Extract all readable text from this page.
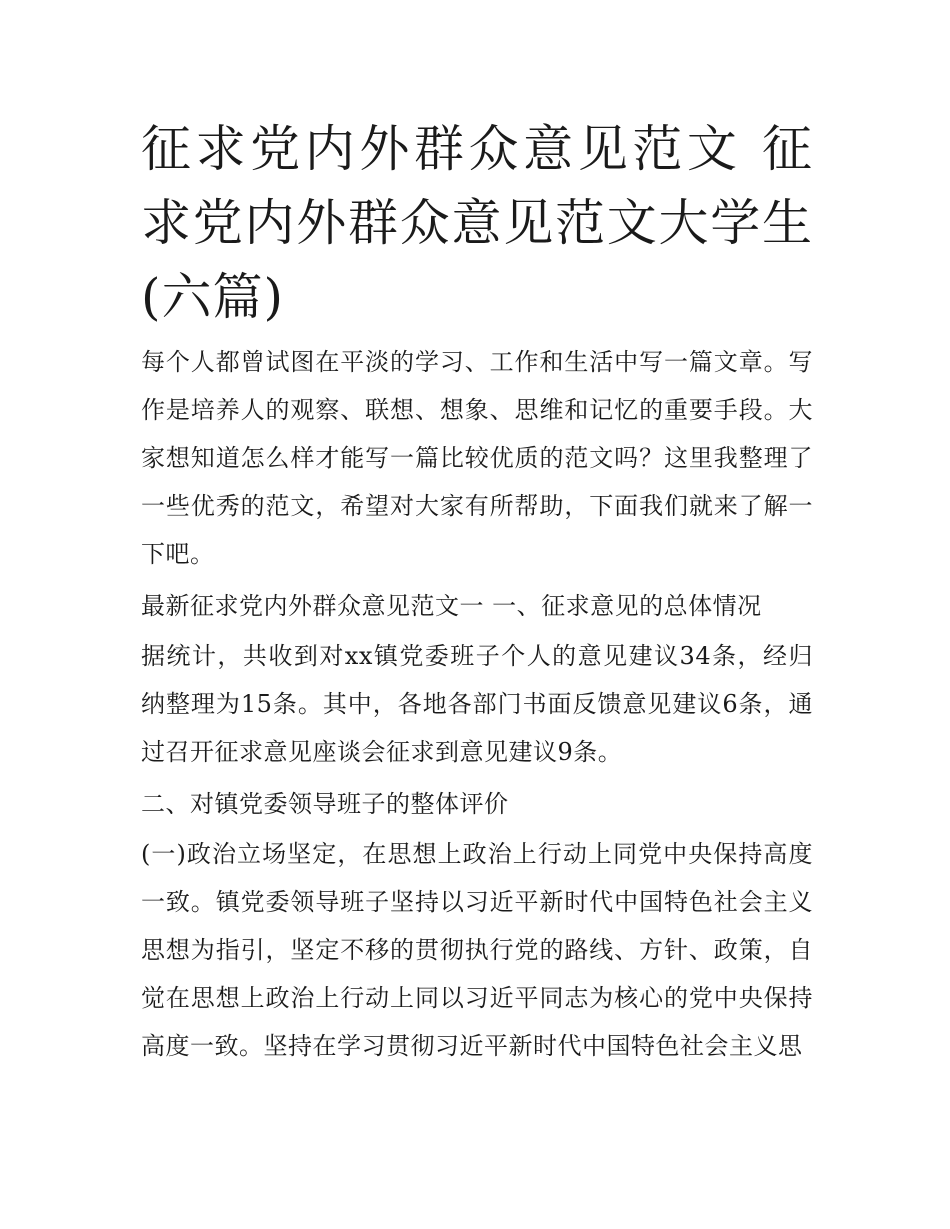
征求党内外群众意见范文 征求党内外群众意见范文大学生(六篇)

每个人都曾试图在平淡的学习、工作和生活中写一篇文章。写作是培养人的观察、联想、想象、思维和记忆的重要手段。大家想知道怎么样才能写一篇比较优质的范文吗？这里我整理了一些优秀的范文，希望对大家有所帮助，下面我们就来了解一下吧。

最新征求党内外群众意见范文一 一、征求意见的总体情况

据统计，共收到对xx镇党委班子个人的意见建议34条，经归纳整理为15条。其中，各地各部门书面反馈意见建议6条，通过召开征求意见座谈会征求到意见建议9条。

二、对镇党委领导班子的整体评价

(一)政治立场坚定，在思想上政治上行动上同党中央保持高度一致。镇党委领导班子坚持以习近平新时代中国特色社会主义思想为指引，坚定不移的贯彻执行党的路线、方针、政策，自觉在思想上政治上行动上同以习近平同志为核心的党中央保持高度一致。坚持在学习贯彻习近平新时代中国特色社会主义思
